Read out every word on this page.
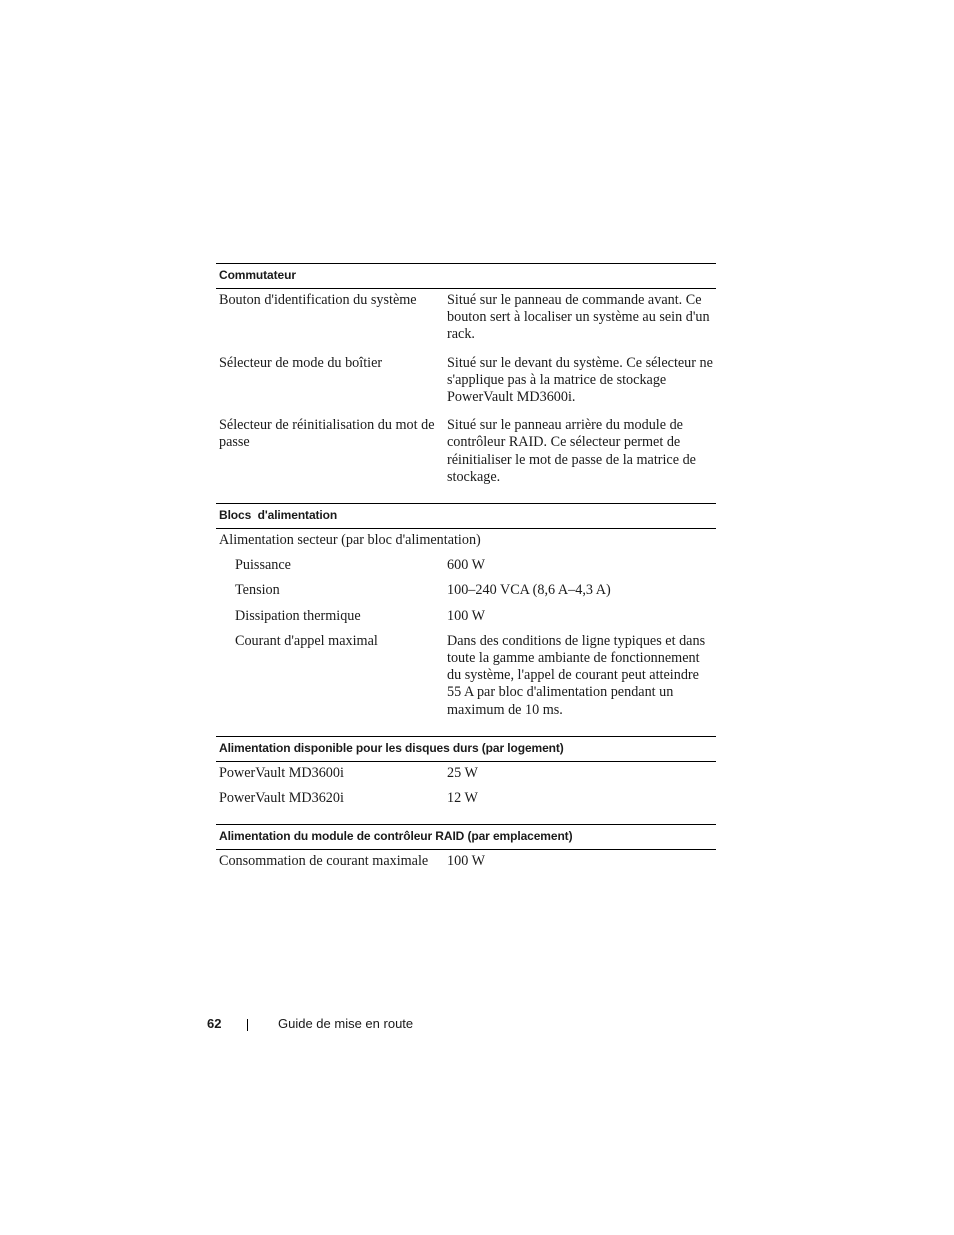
Commutateur	
Bouton d'identification du système	Situé sur le panneau de commande avant. Ce bouton sert à localiser un système au sein d'un rack.
Sélecteur de mode du boîtier	Situé sur le devant du système. Ce sélecteur ne s'applique pas à la matrice de stockage PowerVault MD3600i.
Sélecteur de réinitialisation du mot de passe	Situé sur le panneau arrière du module de contrôleur RAID. Ce sélecteur permet de réinitialiser le mot de passe de la matrice de stockage.
Blocs  d'alimentation	
Alimentation secteur (par bloc d'alimentation)	
Puissance	600 W
Tension	100–240 VCA (8,6 A–4,3 A)
Dissipation thermique	100 W
Courant d'appel maximal	Dans des conditions de ligne typiques et dans toute la gamme ambiante de fonctionnement du système, l'appel de courant peut atteindre 55 A par bloc d'alimentation pendant un maximum de 10 ms.
Alimentation disponible pour les disques durs (par logement)	
PowerVault MD3600i	25 W
PowerVault MD3620i	12 W
Alimentation du module de contrôleur RAID (par emplacement)	
Consommation de courant maximale	100 W
62	Guide de mise en route
